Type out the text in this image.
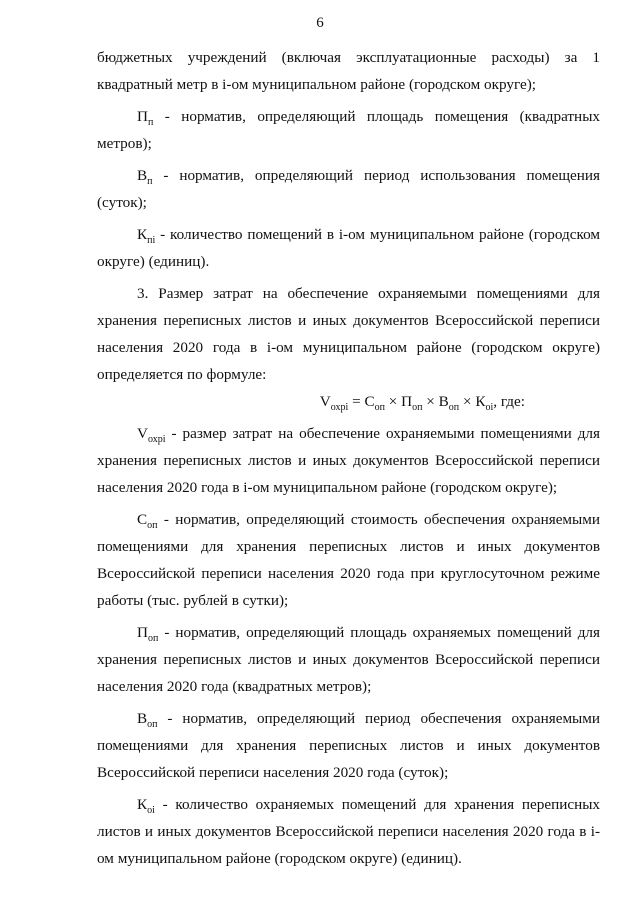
6

бюджетных учреждений (включая эксплуатационные расходы) за 1 квадратный метр в i-ом муниципальном районе (городском округе);

$П_п$ - норматив, определяющий площадь помещения (квадратных метров);

$В_п$ - норматив, определяющий период использования помещения (суток);

$К_{пi}$ - количество помещений в i-ом муниципальном районе (городском округе) (единиц).

3. Размер затрат на обеспечение охраняемыми помещениями для хранения переписных листов и иных документов Всероссийской переписи населения 2020 года в i-ом муниципальном районе (городском округе) определяется по формуле:

$V_{охрi} = С_{оп} \times П_{оп} \times В_{оп} \times К_{оi}$, где:

$V_{охрi}$ - размер затрат на обеспечение охраняемыми помещениями для хранения переписных листов и иных документов Всероссийской переписи населения 2020 года в i-ом муниципальном районе (городском округе);

$С_{оп}$ - норматив, определяющий стоимость обеспечения охраняемыми помещениями для хранения переписных листов и иных документов Всероссийской переписи населения 2020 года при круглосуточном режиме работы (тыс. рублей в сутки);

$П_{оп}$ - норматив, определяющий площадь охраняемых помещений для хранения переписных листов и иных документов Всероссийской переписи населения 2020 года (квадратных метров);

$В_{оп}$ - норматив, определяющий период обеспечения охраняемыми помещениями для хранения переписных листов и иных документов Всероссийской переписи населения 2020 года (суток);

$К_{оi}$ - количество охраняемых помещений для хранения переписных листов и иных документов Всероссийской переписи населения 2020 года в i-ом муниципальном районе (городском округе) (единиц).
